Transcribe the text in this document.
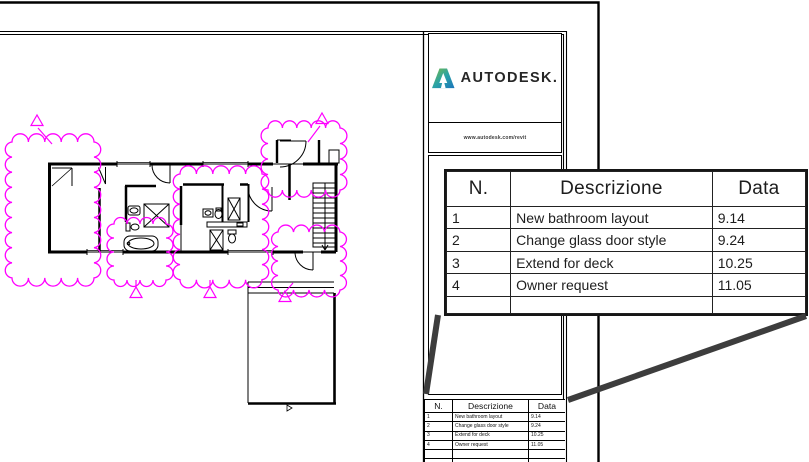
AUTODESK.
www.autodesk.com/revit
N.	Descrizione	Data
1	New bathroom layout	9.14
2	Change glass door style	9.24
3	Extend for deck	10.25
4	Owner request	11.05

N.	Descrizione	Data
1	New bathroom layout	9.14
2	Change glass door style	9.24
3	Extend for deck	10.25
4	Owner request	11.05
